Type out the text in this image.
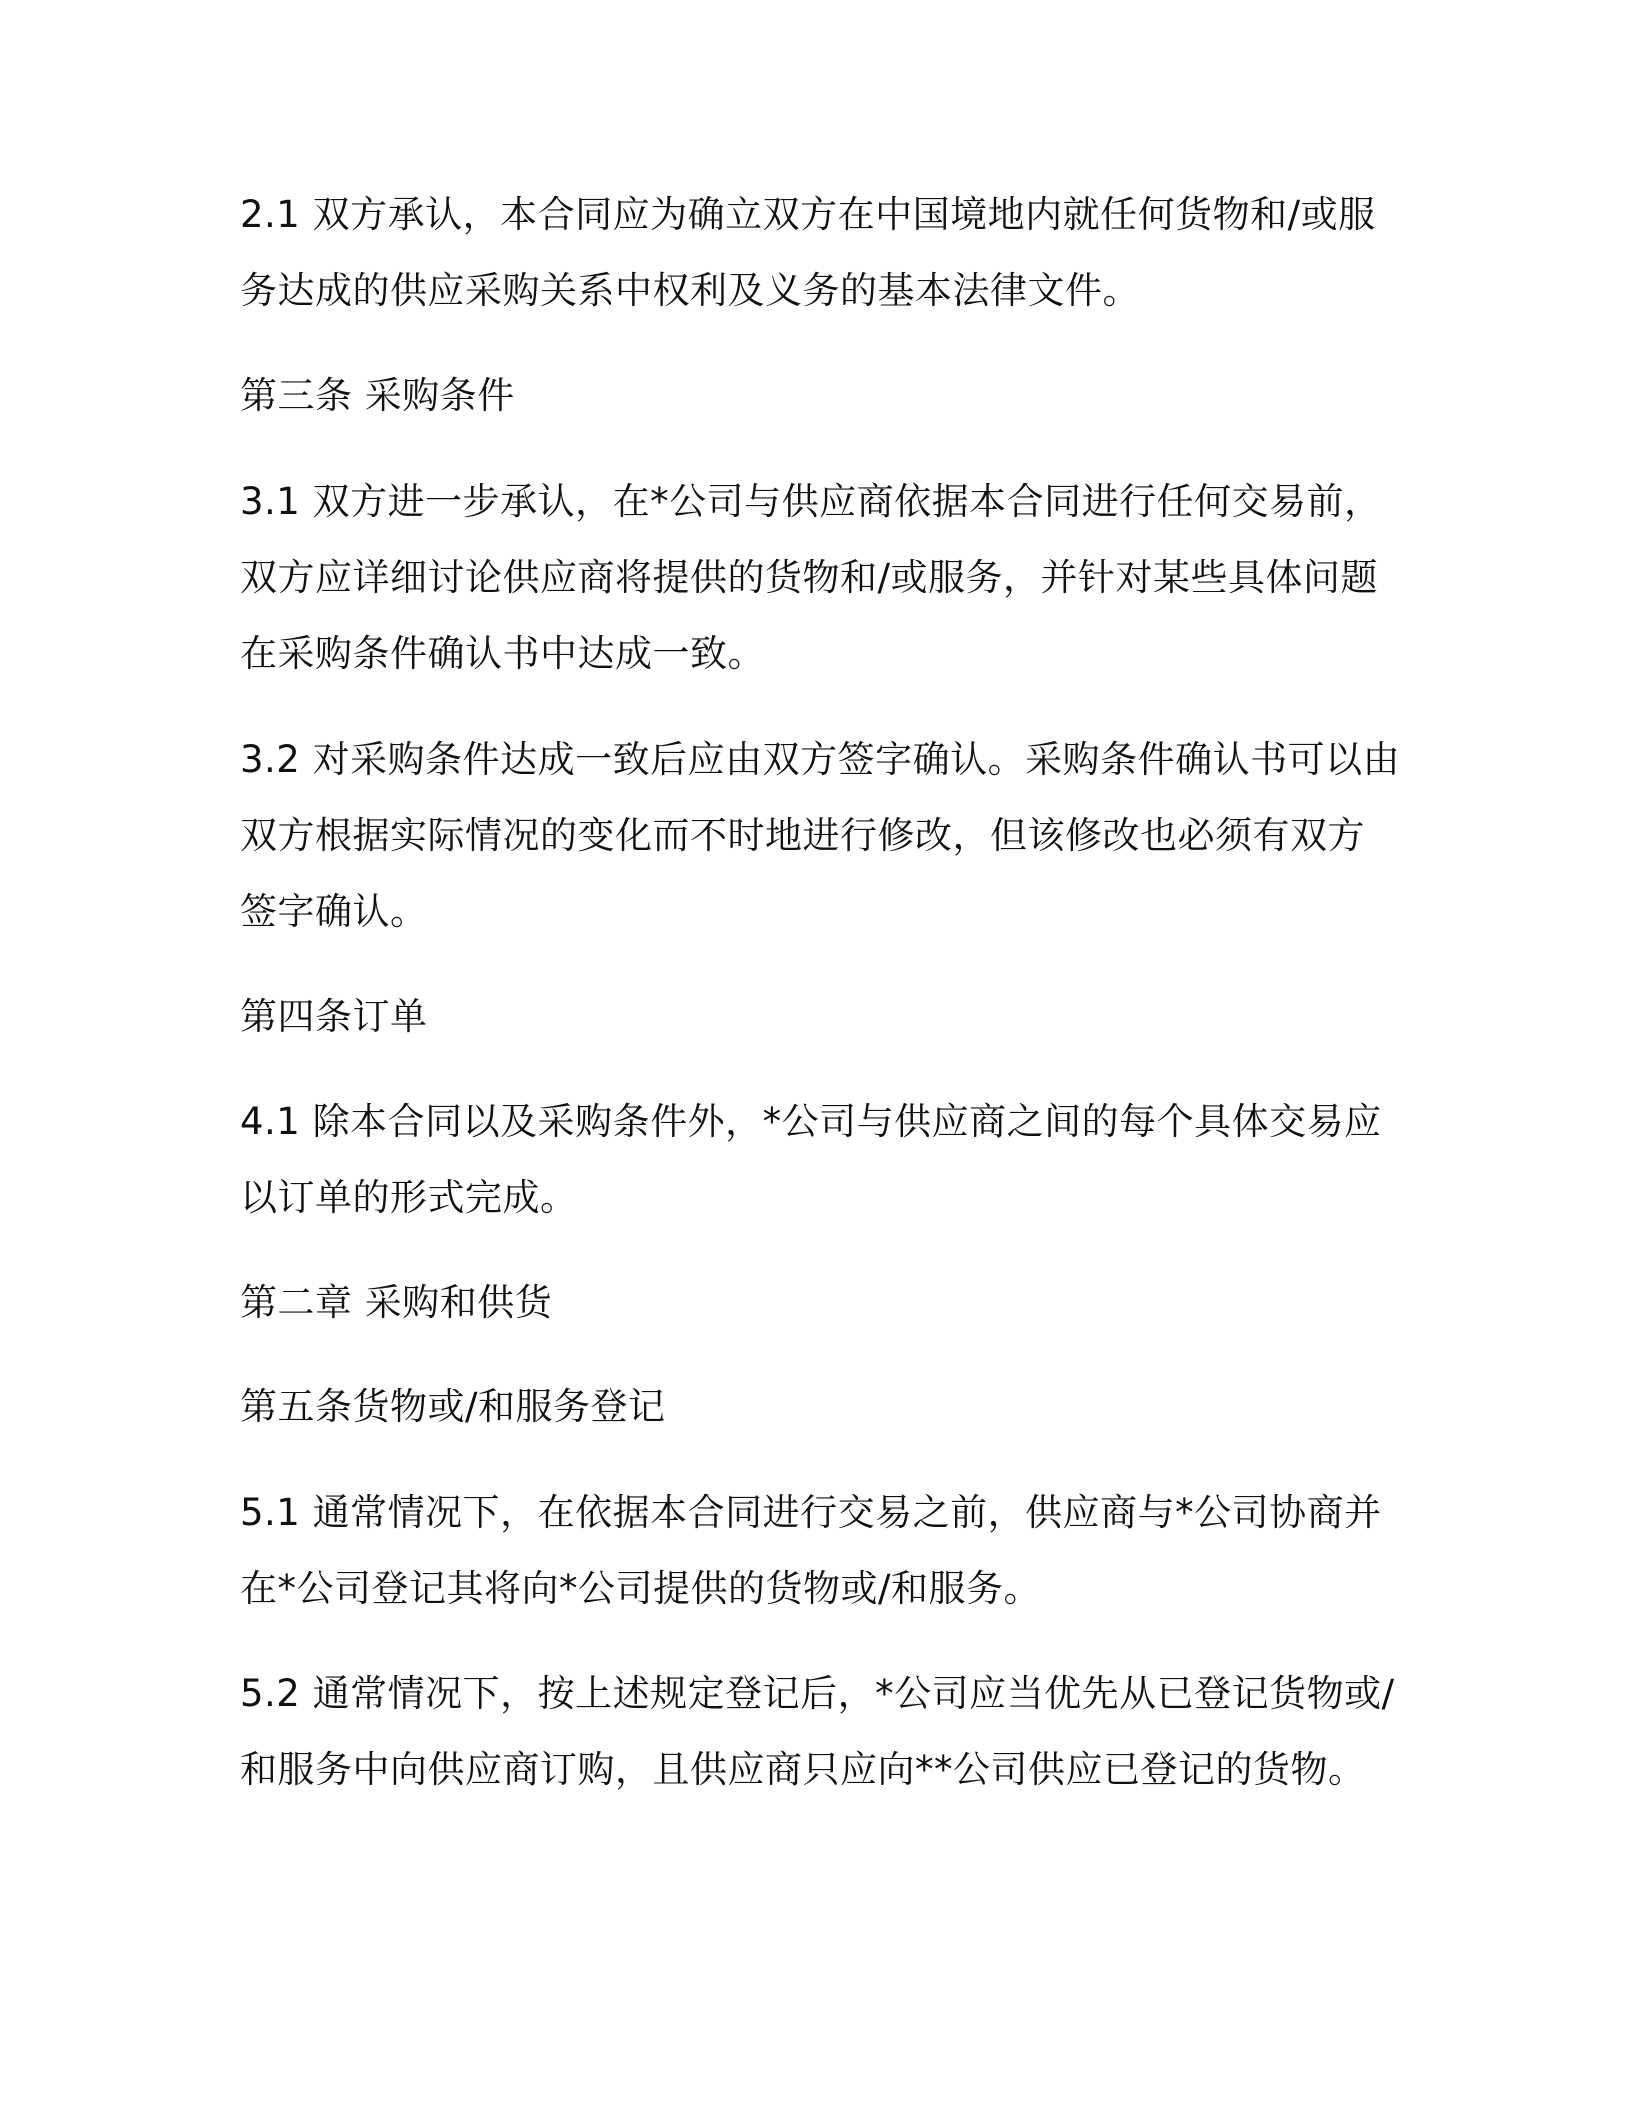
2.1 双方承认，本合同应为确立双方在中国境地内就任何货物和/或服
务达成的供应采购关系中权利及义务的基本法律文件。
第三条 采购条件
3.1 双方进一步承认，在*公司与供应商依据本合同进行任何交易前，
双方应详细讨论供应商将提供的货物和/或服务，并针对某些具体问题
在采购条件确认书中达成一致。
3.2 对采购条件达成一致后应由双方签字确认。采购条件确认书可以由
双方根据实际情况的变化而不时地进行修改，但该修改也必须有双方
签字确认。
第四条订单
4.1 除本合同以及采购条件外，*公司与供应商之间的每个具体交易应
以订单的形式完成。
第二章 采购和供货
第五条货物或/和服务登记
5.1 通常情况下，在依据本合同进行交易之前，供应商与*公司协商并
在*公司登记其将向*公司提供的货物或/和服务。
5.2 通常情况下，按上述规定登记后，*公司应当优先从已登记货物或/
和服务中向供应商订购，且供应商只应向**公司供应已登记的货物。
